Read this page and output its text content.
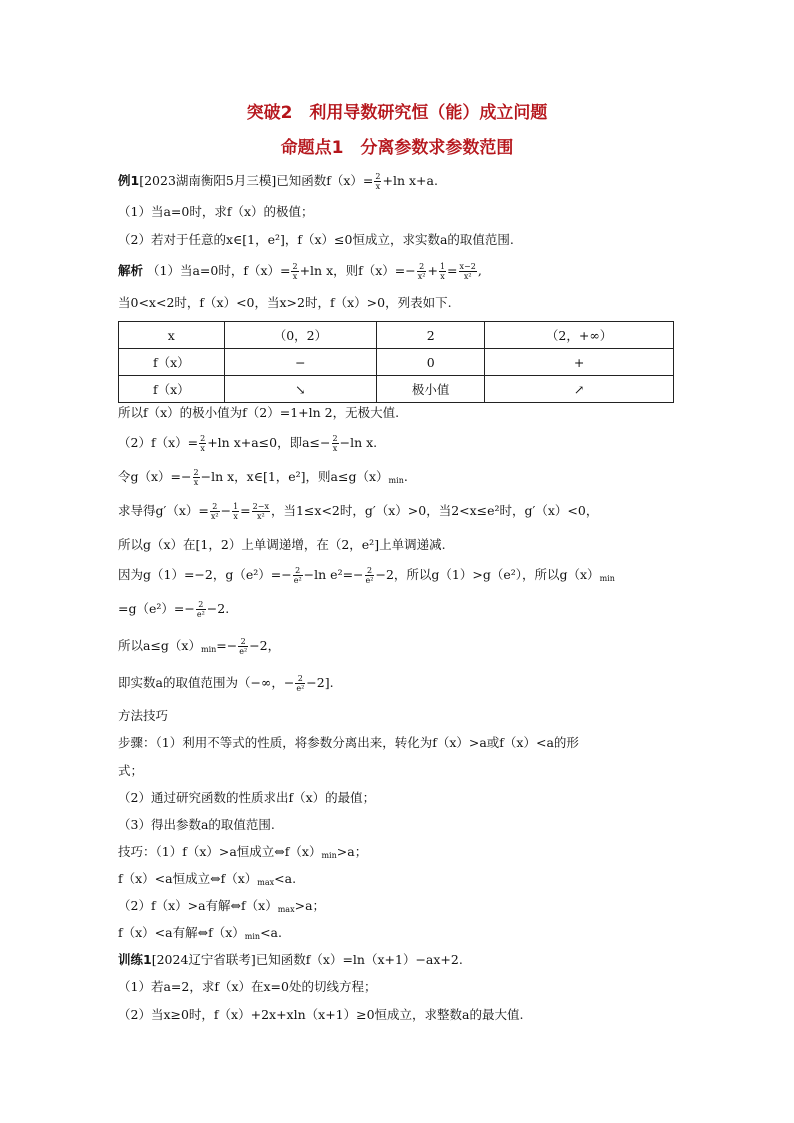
突破2　利用导数研究恒（能）成立问题
命题点1　分离参数求参数范围
例1[2023湖南衡阳5月三模]已知函数$f(x)= \frac{2}{x} +\ln$ x+a.
（1）当a=0时，求f（x）的极值；
（2）若对于任意的x∈[1，e²]，f（x）≤0恒成立，求实数a的取值范围.
解析 （1）当a=0时，$f(x)= \frac{2}{x} +\ln$ x，则$f(x)=- \frac{2}{\text{x²}} + \frac{1}{x} = \frac{x-2}{\text{x²}}$ ,
当0<x<2时，f（x）<0，当x>2时，f（x）>0，列表如下.
x	（0，2）	2	（2，+∞）
f（x）	−	0	+
f（x）	↘	极小值	↗
所以f（x）的极小值为f（2）=1+ln 2，无极大值.
$(2)f(x)= \frac{2}{x} +\ln$ x+a≤0，即$a\le- \frac{2}{x} -\ln$ x.
令$g(x)=- \frac{2}{x} -\ln$ x，x∈[1，e²]，则$a\le g(x)_{min}$.
求导得$g'(x)= \frac{2}{\text{x²}} - \frac{1}{x} = \frac{2-x}{\text{x²}}$ ，当1≤x<2时，g′（x）>0，当2<x≤e²时，g′（x）<0，
所以g（x）在[1，2）上单调递增，在（2，e²]上单调递减.
因为g（1）=−2，$g(e^2)=- \frac{2}{\text{e²}} -\ln$ $e^2=- \frac{2}{\text{e²}} -2$，所以g（1）>g（e²），所以$g(x)_{min}$
$=g(e^2)=- \frac{2}{\text{e²}} -2$.
所以$a\le g(x)_{min}=- \frac{2}{\text{e²}} -2$，
即实数a的取值范围为（−∞，− $\frac{2}{\text{e²}} -2$].
方法技巧
步骤：（1）利用不等式的性质，将参数分离出来，转化为f（x）>a或f（x）<a的形
式；
（2）通过研究函数的性质求出f（x）的最值；
（3）得出参数a的取值范围.
技巧：（1）f（x）>a恒成立$\Leftrightarrow f(x)_{min}>a$；
f（x）<a恒成立$\Leftrightarrow f(x)_{max}<a$.
（2）f（x）>a有解$\Leftrightarrow f(x)_{max}>a$；
f（x）<a有解$\Leftrightarrow f(x)_{min}<a$.
训练1[2024辽宁省联考]已知函数f（x）=ln（x+1）−ax+2.
（1）若a=2，求f（x）在x=0处的切线方程；
（2）当x≥0时，f（x）+2x+xln（x+1）≥0恒成立，求整数a的最大值.
